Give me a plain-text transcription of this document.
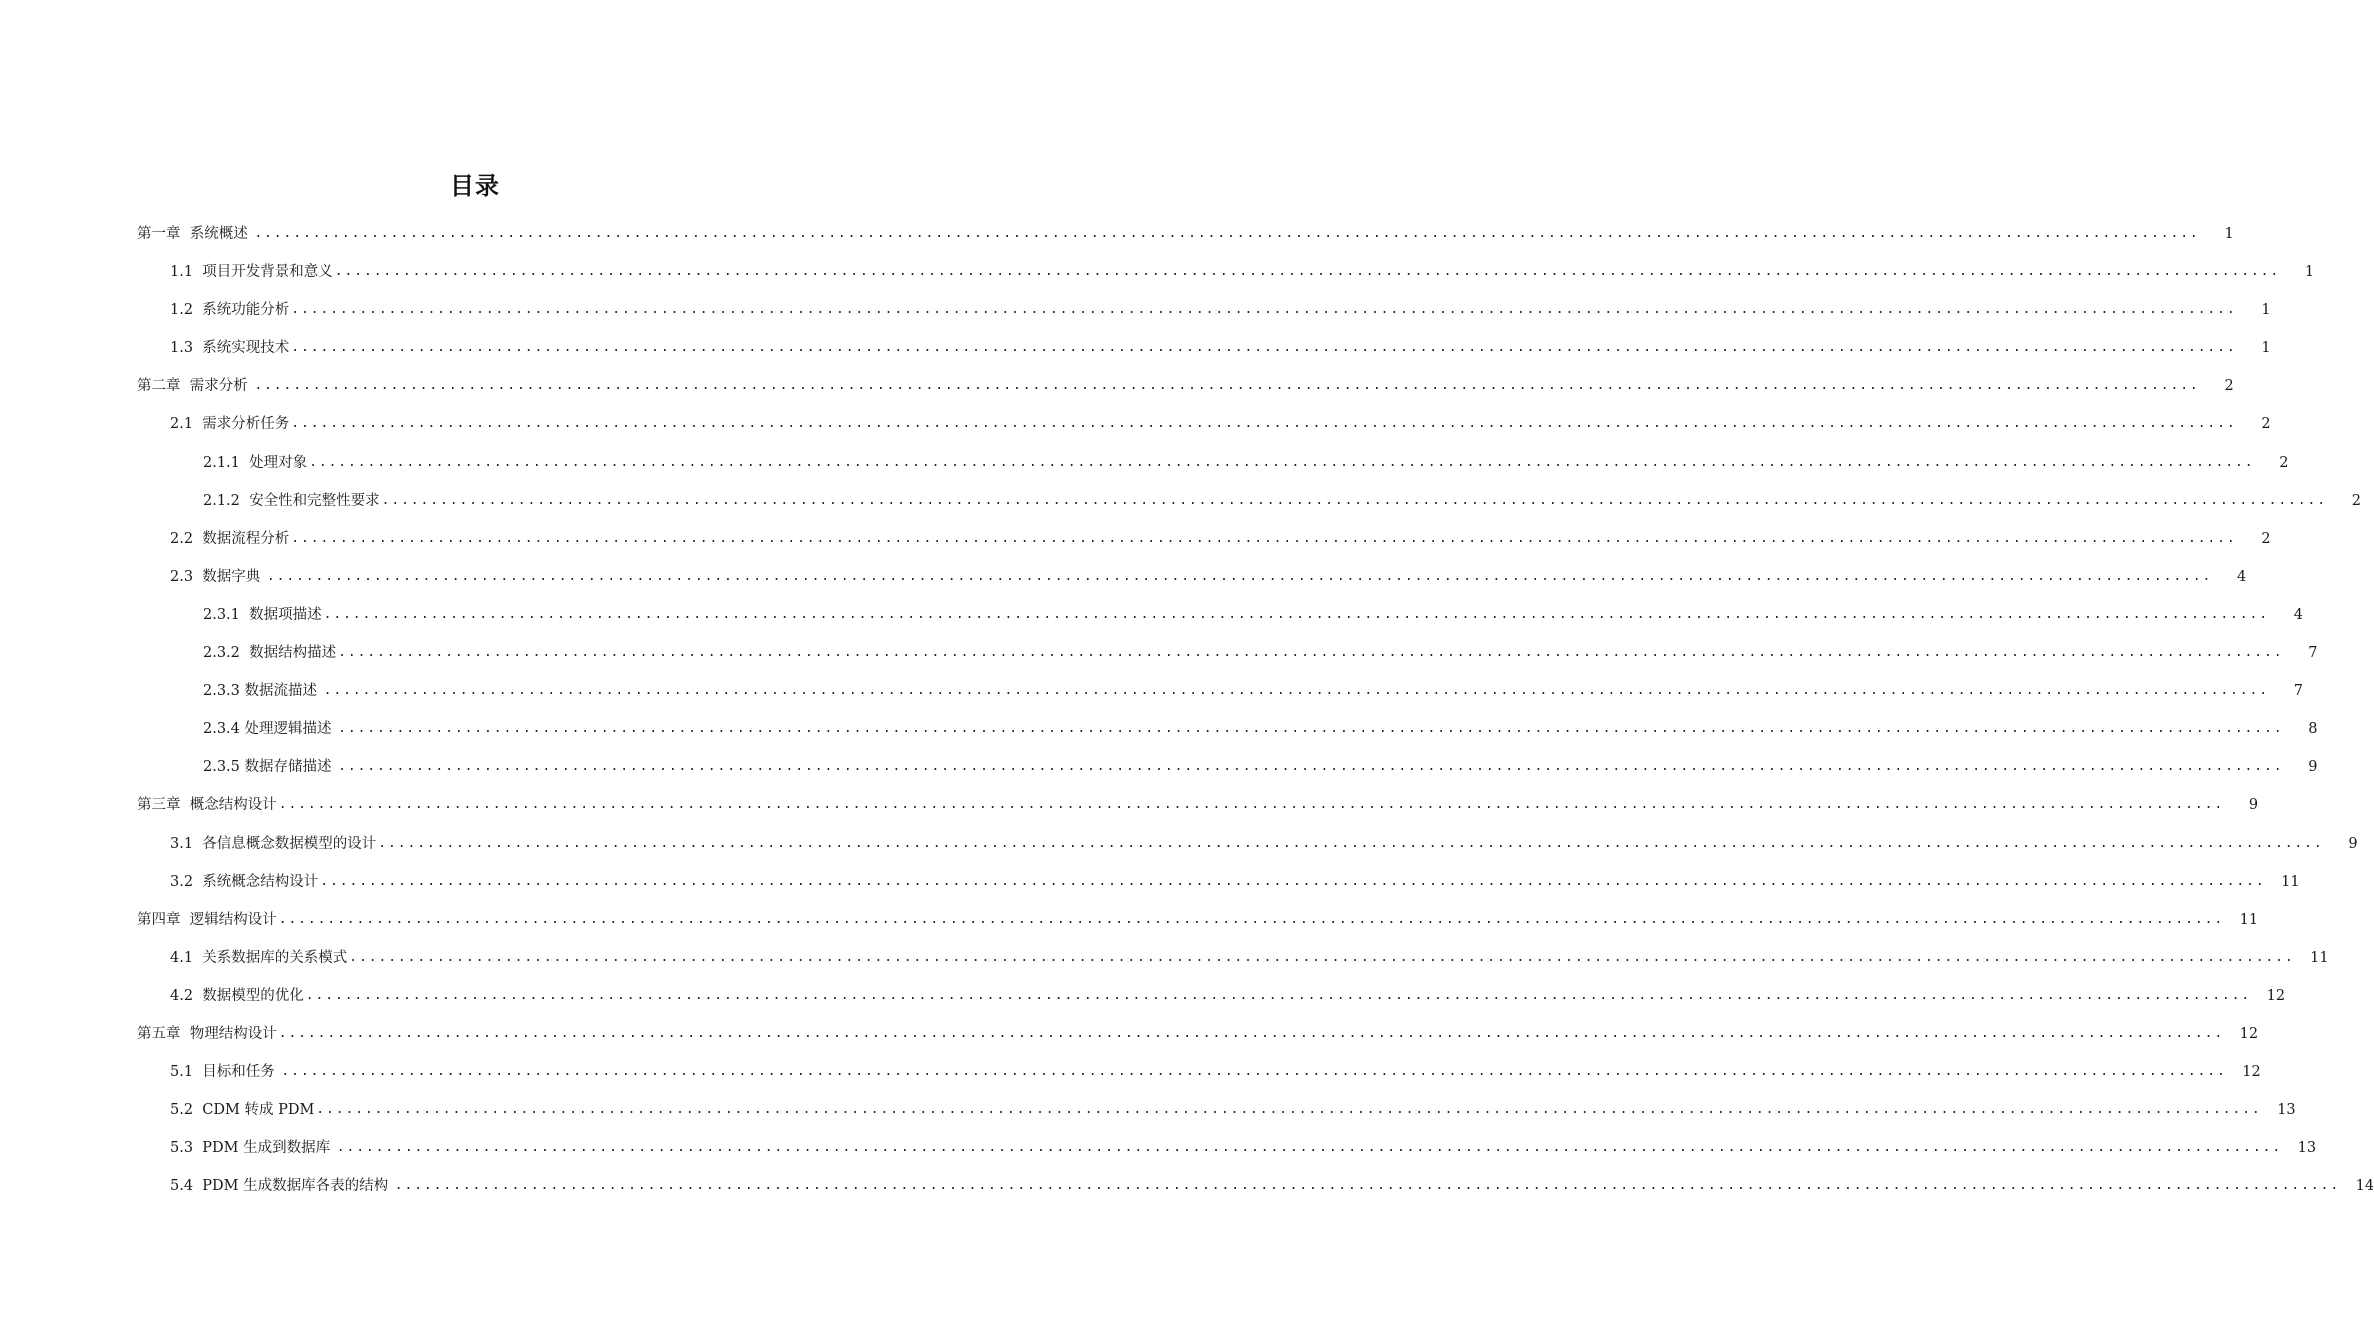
目录
第一章  系统概述 ........................................................................................................................................................................................................	1
1.1  项目开发背景和意义 ........................................................................................................................................................................................................	1
1.2  系统功能分析 ........................................................................................................................................................................................................	1
1.3  系统实现技术 ........................................................................................................................................................................................................	1
第二章  需求分析 ........................................................................................................................................................................................................	2
2.1  需求分析任务 ........................................................................................................................................................................................................	2
2.1.1  处理对象 ........................................................................................................................................................................................................	2
2.1.2  安全性和完整性要求 ........................................................................................................................................................................................................	2
2.2  数据流程分析 ........................................................................................................................................................................................................	2
2.3  数据字典 ........................................................................................................................................................................................................	4
2.3.1  数据项描述 ........................................................................................................................................................................................................	4
2.3.2  数据结构描述 ........................................................................................................................................................................................................	7
2.3.3 数据流描述 ........................................................................................................................................................................................................	7
2.3.4 处理逻辑描述 ........................................................................................................................................................................................................	8
2.3.5 数据存储描述 ........................................................................................................................................................................................................	9
第三章  概念结构设计 ........................................................................................................................................................................................................	9
3.1  各信息概念数据模型的设计 ........................................................................................................................................................................................................	9
3.2  系统概念结构设计 ........................................................................................................................................................................................................	11
第四章  逻辑结构设计 ........................................................................................................................................................................................................	11
4.1  关系数据库的关系模式 ........................................................................................................................................................................................................	11
4.2  数据模型的优化 ........................................................................................................................................................................................................	12
第五章  物理结构设计 ........................................................................................................................................................................................................	12
5.1  目标和任务 ........................................................................................................................................................................................................	12
5.2  CDM 转成 PDM ........................................................................................................................................................................................................	13
5.3  PDM 生成到数据库 ........................................................................................................................................................................................................	13
5.4  PDM 生成数据库各表的结构 ........................................................................................................................................................................................................	14
